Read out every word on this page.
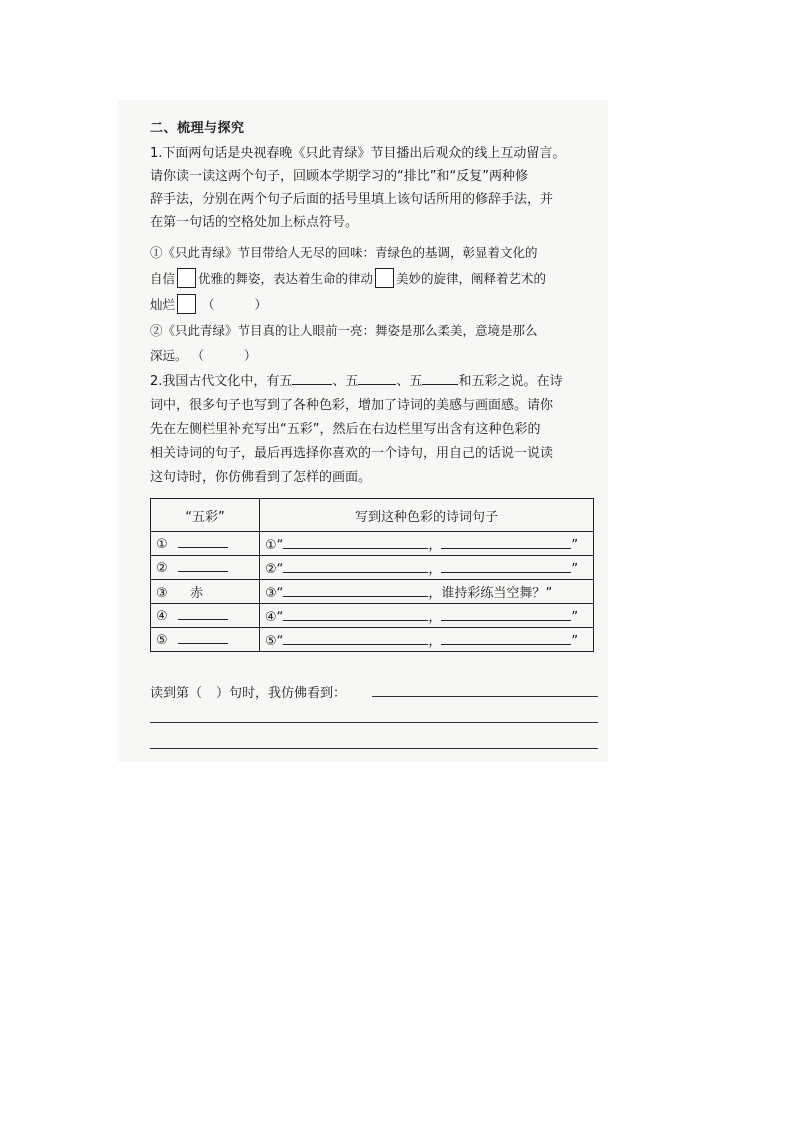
二、梳理与探究
1.下面两句话是央视春晚《只此青绿》节目播出后观众的线上互动留言。
请你读一读这两个句子，回顾本学期学习的“排比”和“反复”两种修
辞手法，分别在两个句子后面的括号里填上该句话所用的修辞手法，并
在第一句话的空格处加上标点符号。
①《只此青绿》节目带给人无尽的回味：青绿色的基调，彰显着文化的
自信 优雅的舞姿，表达着生命的律动 美妙的旋律，阐释着艺术的
灿烂 （	）
②《只此青绿》节目真的让人眼前一亮：舞姿是那么柔美，意境是那么
深远。 （	）
2.我国古代文化中，有五	、五	、五	和五彩之说。在诗
词中，很多句子也写到了各种色彩，增加了诗词的美感与画面感。请你
先在左侧栏里补充写出“五彩”，然后在右边栏里写出含有这种色彩的
相关诗词的句子，最后再选择你喜欢的一个诗句，用自己的话说一说读
这句诗时，你仿佛看到了怎样的画面。
“五彩”	写到这种色彩的诗词句子
①	①“ ， ”
②	②“ ， ”
③ 赤	③“ ，谁持彩练当空舞？”
④	④“ ， ”
⑤	⑤“ ， ”
读到第（ ）句时，我仿佛看到：
